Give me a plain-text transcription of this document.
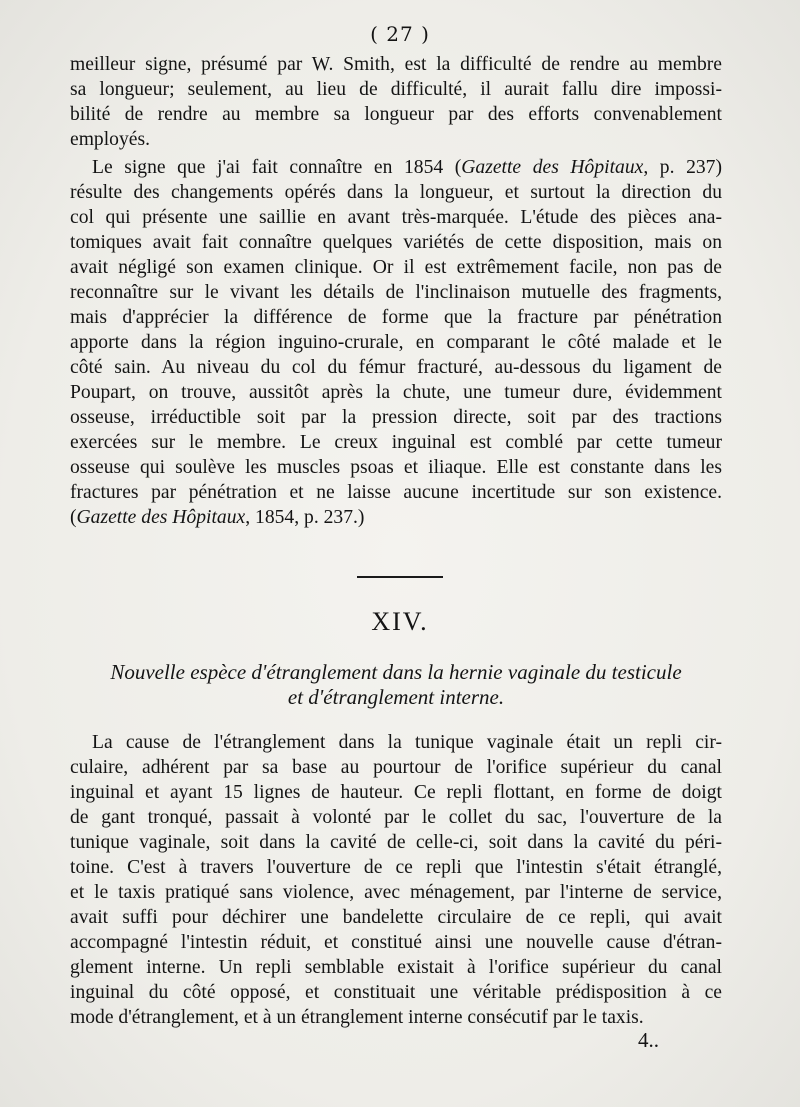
( 27 )
meilleur signe, présumé par W. Smith, est la difficulté de rendre au membre
sa longueur; seulement, au lieu de difficulté, il aurait fallu dire impossi-
bilité de rendre au membre sa longueur par des efforts convenablement
employés.
Le signe que j'ai fait connaître en 1854 (Gazette des Hôpitaux, p. 237)
résulte des changements opérés dans la longueur, et surtout la direction du
col qui présente une saillie en avant très-marquée. L'étude des pièces ana-
tomiques avait fait connaître quelques variétés de cette disposition, mais on
avait négligé son examen clinique. Or il est extrêmement facile, non pas de
reconnaître sur le vivant les détails de l'inclinaison mutuelle des fragments,
mais d'apprécier la différence de forme que la fracture par pénétration
apporte dans la région inguino-crurale, en comparant le côté malade et le
côté sain. Au niveau du col du fémur fracturé, au-dessous du ligament de
Poupart, on trouve, aussitôt après la chute, une tumeur dure, évidemment
osseuse, irréductible soit par la pression directe, soit par des tractions
exercées sur le membre. Le creux inguinal est comblé par cette tumeur
osseuse qui soulève les muscles psoas et iliaque. Elle est constante dans les
fractures par pénétration et ne laisse aucune incertitude sur son existence.
(Gazette des Hôpitaux, 1854, p. 237.)
XIV.
Nouvelle espèce d'étranglement dans la hernie vaginale du testicule
et d'étranglement interne.
La cause de l'étranglement dans la tunique vaginale était un repli cir-
culaire, adhérent par sa base au pourtour de l'orifice supérieur du canal
inguinal et ayant 15 lignes de hauteur. Ce repli flottant, en forme de doigt
de gant tronqué, passait à volonté par le collet du sac, l'ouverture de la
tunique vaginale, soit dans la cavité de celle-ci, soit dans la cavité du péri-
toine. C'est à travers l'ouverture de ce repli que l'intestin s'était étranglé,
et le taxis pratiqué sans violence, avec ménagement, par l'interne de service,
avait suffi pour déchirer une bandelette circulaire de ce repli, qui avait
accompagné l'intestin réduit, et constitué ainsi une nouvelle cause d'étran-
glement interne. Un repli semblable existait à l'orifice supérieur du canal
inguinal du côté opposé, et constituait une véritable prédisposition à ce
mode d'étranglement, et à un étranglement interne consécutif par le taxis.
4..
